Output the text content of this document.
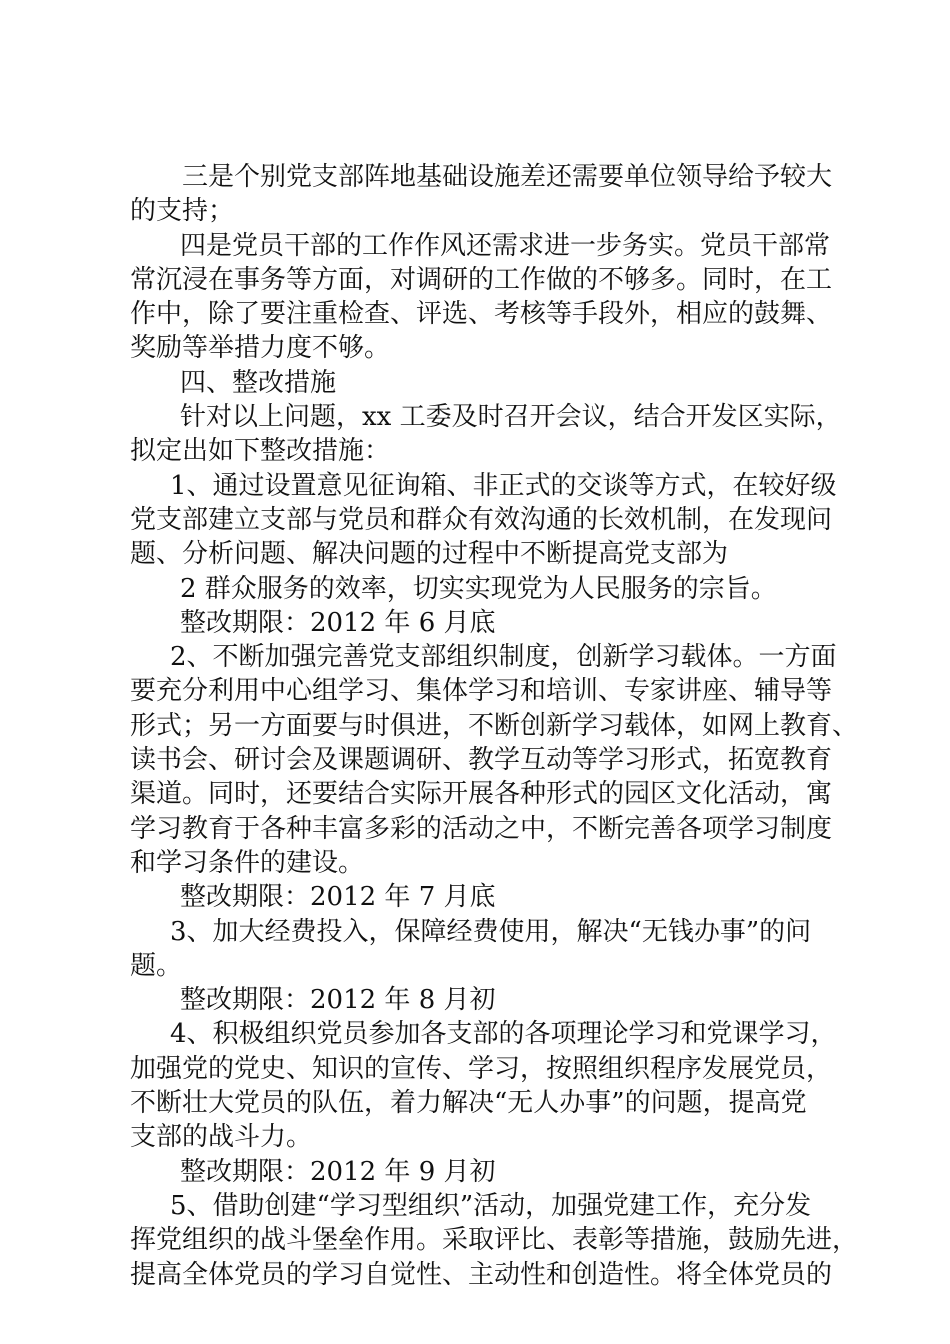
三是个别党支部阵地基础设施差还需要单位领导给予较大
的支持；
四是党员干部的工作作风还需求进一步务实。党员干部常
常沉浸在事务等方面，对调研的工作做的不够多。同时，在工
作中，除了要注重检查、评选、考核等手段外，相应的鼓舞、
奖励等举措力度不够。
四、整改措施
针对以上问题，xx 工委及时召开会议，结合开发区实际，
拟定出如下整改措施：
1、通过设置意见征询箱、非正式的交谈等方式，在较好级
党支部建立支部与党员和群众有效沟通的长效机制，在发现问
题、分析问题、解决问题的过程中不断提高党支部为
2 群众服务的效率，切实实现党为人民服务的宗旨。
整改期限：2012 年 6 月底
2、不断加强完善党支部组织制度，创新学习载体。一方面
要充分利用中心组学习、集体学习和培训、专家讲座、辅导等
形式；另一方面要与时俱进，不断创新学习载体，如网上教育、
读书会、研讨会及课题调研、教学互动等学习形式，拓宽教育
渠道。同时，还要结合实际开展各种形式的园区文化活动，寓
学习教育于各种丰富多彩的活动之中，不断完善各项学习制度
和学习条件的建设。
整改期限：2012 年 7 月底
3、加大经费投入，保障经费使用，解决“无钱办事”的问
题。
整改期限：2012 年 8 月初
4、积极组织党员参加各支部的各项理论学习和党课学习，
加强党的党史、知识的宣传、学习，按照组织程序发展党员，
不断壮大党员的队伍，着力解决“无人办事”的问题，提高党
支部的战斗力。
整改期限：2012 年 9 月初
5、借助创建“学习型组织”活动，加强党建工作，充分发
挥党组织的战斗堡垒作用。采取评比、表彰等措施，鼓励先进，
提高全体党员的学习自觉性、主动性和创造性。将全体党员的
